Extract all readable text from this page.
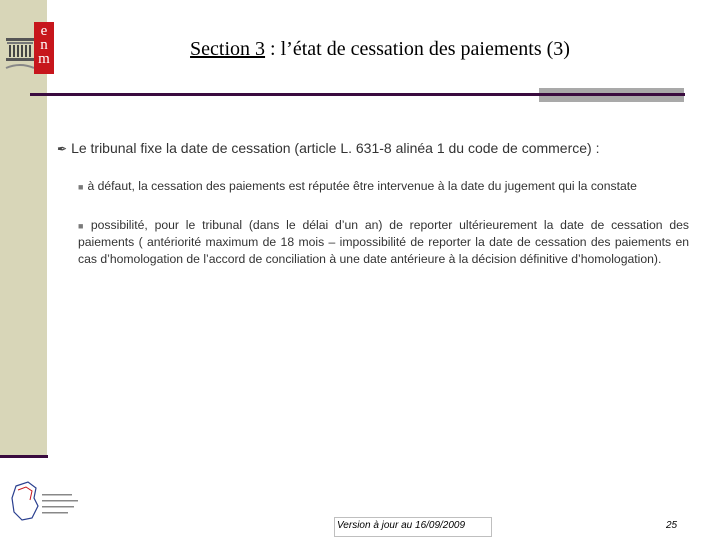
e
n
m	Section 3 : l’état de cessation des paiements (3)
✒ Le tribunal fixe la date de cessation (article L. 631-8 alinéa 1 du code de commerce) :
■ à défaut, la cessation des paiements est réputée être intervenue à la date du jugement qui la constate
■ possibilité, pour le tribunal (dans le délai d’un an) de reporter ultérieurement la date de cessation des paiements ( antériorité maximum de 18 mois – impossibilité de reporter la date de cessation des paiements en cas d’homologation de l’accord de conciliation à une date antérieure à la décision définitive d’homologation).
Version à jour au 16/09/2009	25
